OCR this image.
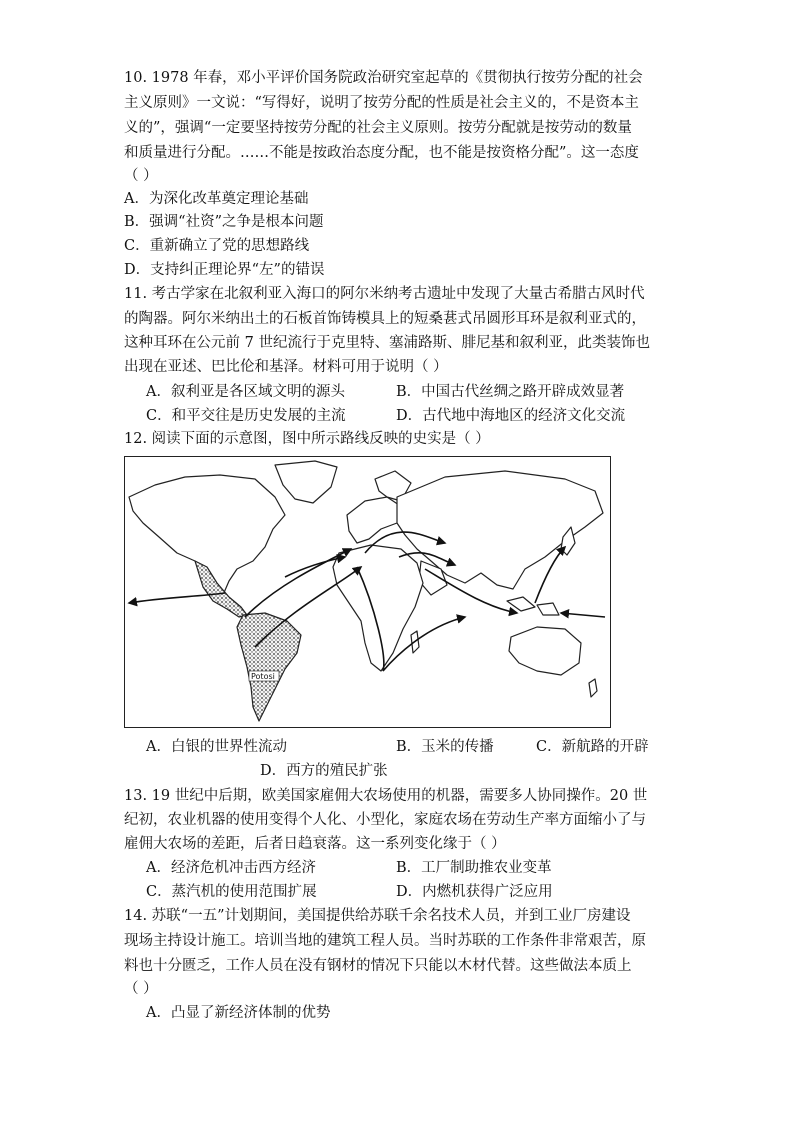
10. 1978 年春，邓小平评价国务院政治研究室起草的《贯彻执行按劳分配的社会
主义原则》一文说：“写得好，说明了按劳分配的性质是社会主义的，不是资本主
义的”，强调“一定要坚持按劳分配的社会主义原则。按劳分配就是按劳动的数量
和质量进行分配。……不能是按政治态度分配，也不能是按资格分配”。这一态度
（ ）
A．为深化改革奠定理论基础
B．强调“社资”之争是根本问题
C．重新确立了党的思想路线
D．支持纠正理论界“左”的错误
11. 考古学家在北叙利亚入海口的阿尔米纳考古遗址中发现了大量古希腊古风时代
的陶器。阿尔米纳出土的石板首饰铸模具上的短桑葚式吊圆形耳环是叙利亚式的，
这种耳环在公元前 7 世纪流行于克里特、塞浦路斯、腓尼基和叙利亚，此类装饰也
出现在亚述、巴比伦和基泽。材料可用于说明（ ）
A．叙利亚是各区域文明的源头	B．中国古代丝绸之路开辟成效显著
C．和平交往是历史发展的主流	D．古代地中海地区的经济文化交流
12. 阅读下面的示意图，图中所示路线反映的史实是（ ）
Potosi
A．白银的世界性流动	B．玉米的传播	C．新航路的开辟
D．西方的殖民扩张
13. 19 世纪中后期，欧美国家雇佣大农场使用的机器，需要多人协同操作。20 世
纪初，农业机器的使用变得个人化、小型化，家庭农场在劳动生产率方面缩小了与
雇佣大农场的差距，后者日趋衰落。这一系列变化缘于（ ）
A．经济危机冲击西方经济	B．工厂制助推农业变革
C．蒸汽机的使用范围扩展	D．内燃机获得广泛应用
14. 苏联“一五”计划期间，美国提供给苏联千余名技术人员，并到工业厂房建设
现场主持设计施工。培训当地的建筑工程人员。当时苏联的工作条件非常艰苦，原
料也十分匮乏，工作人员在没有钢材的情况下只能以木材代替。这些做法本质上
（ ）
A．凸显了新经济体制的优势
